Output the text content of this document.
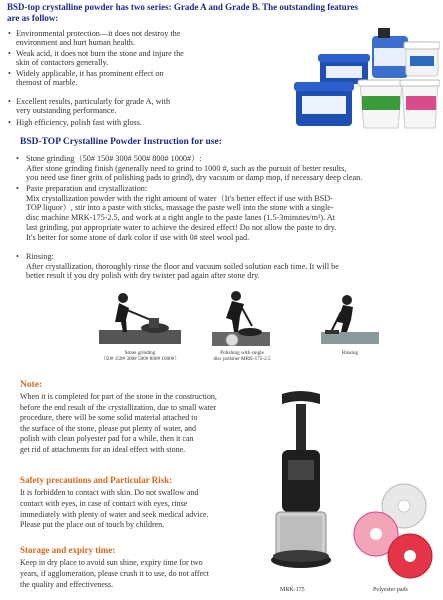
BSD-top crystalline powder has two series: Grade A and Grade B. The outstanding features
are as follow:
• Environmental protection—it does not destroy the
environment and hurt human health.
• Weak acid, it does not burn the stone and injure the
skin of contactors generally.
• Widely applicable, it has prominent effect on
themost of marble.
• Excellent results, particularly for grade A, with
very outstanding performance.
• High efficiency, polish fast with gloss.
BSD-TOP Crystalline Powder Instruction for use:
• Stone grinding（50# 150# 300# 500# 800# 1000#）:
After stone grinding finish (generally need to grind to 1000 #, such as the pursuit of better results,
you need use finer grits of polishing pads to grind), dry vacuum or damp mop, if necessary deep clean.
• Paste preparation and crystallization:
Mix crystallization powder with the right amount of water（It's better effect if use with BSD-
TOP liquor）, stir into a paste with sticks, massage the paste well into the stone with a single-
disc machine MRK-175-2.5, and work at a right angle to the paste lanes (1.5-3minutes/m²). At
last grinding, put appropriate water to achieve the desired effect! Do not allow the paste to dry.
It's better for some stone of dark color if use with 0# steel wool pad.
• Rinsing:
After crystallization, thoroughly rinse the floor and vacuum soiled solution each time. It will be
better result if you dry polish with dry twister pad again after stone dry.
Stone grinding
（50# 150# 300# 500# 800# 1000#）
Polishing with single
disc polisher MRK-175-2.5
Rinsing
Note:
When it is completed for part of the stone in the construction,
before the end result of the crystallization, due to small water
procedure, there will be some solid material attached to
the surface of the stone, please put plenty of water, and
polish with clean polyester pad for a while, then it can
get rid of attachments for an ideal effect with stone.
Safety precautions and Particular Risk:
It is forbidden to contact with skin. Do not swallow and
contact with eyes, in case of contact with eyes, rinse
immediately with plenty of water and seek medical advice.
Please put the place out of touch by children.
Storage and expiry time:
Keep in dry place to avoid sun shine, expiry time for two
years, if agglomeration, please crush it to use, do not affect
the quality and effectiveness.
MRK-175	Polyester pads
